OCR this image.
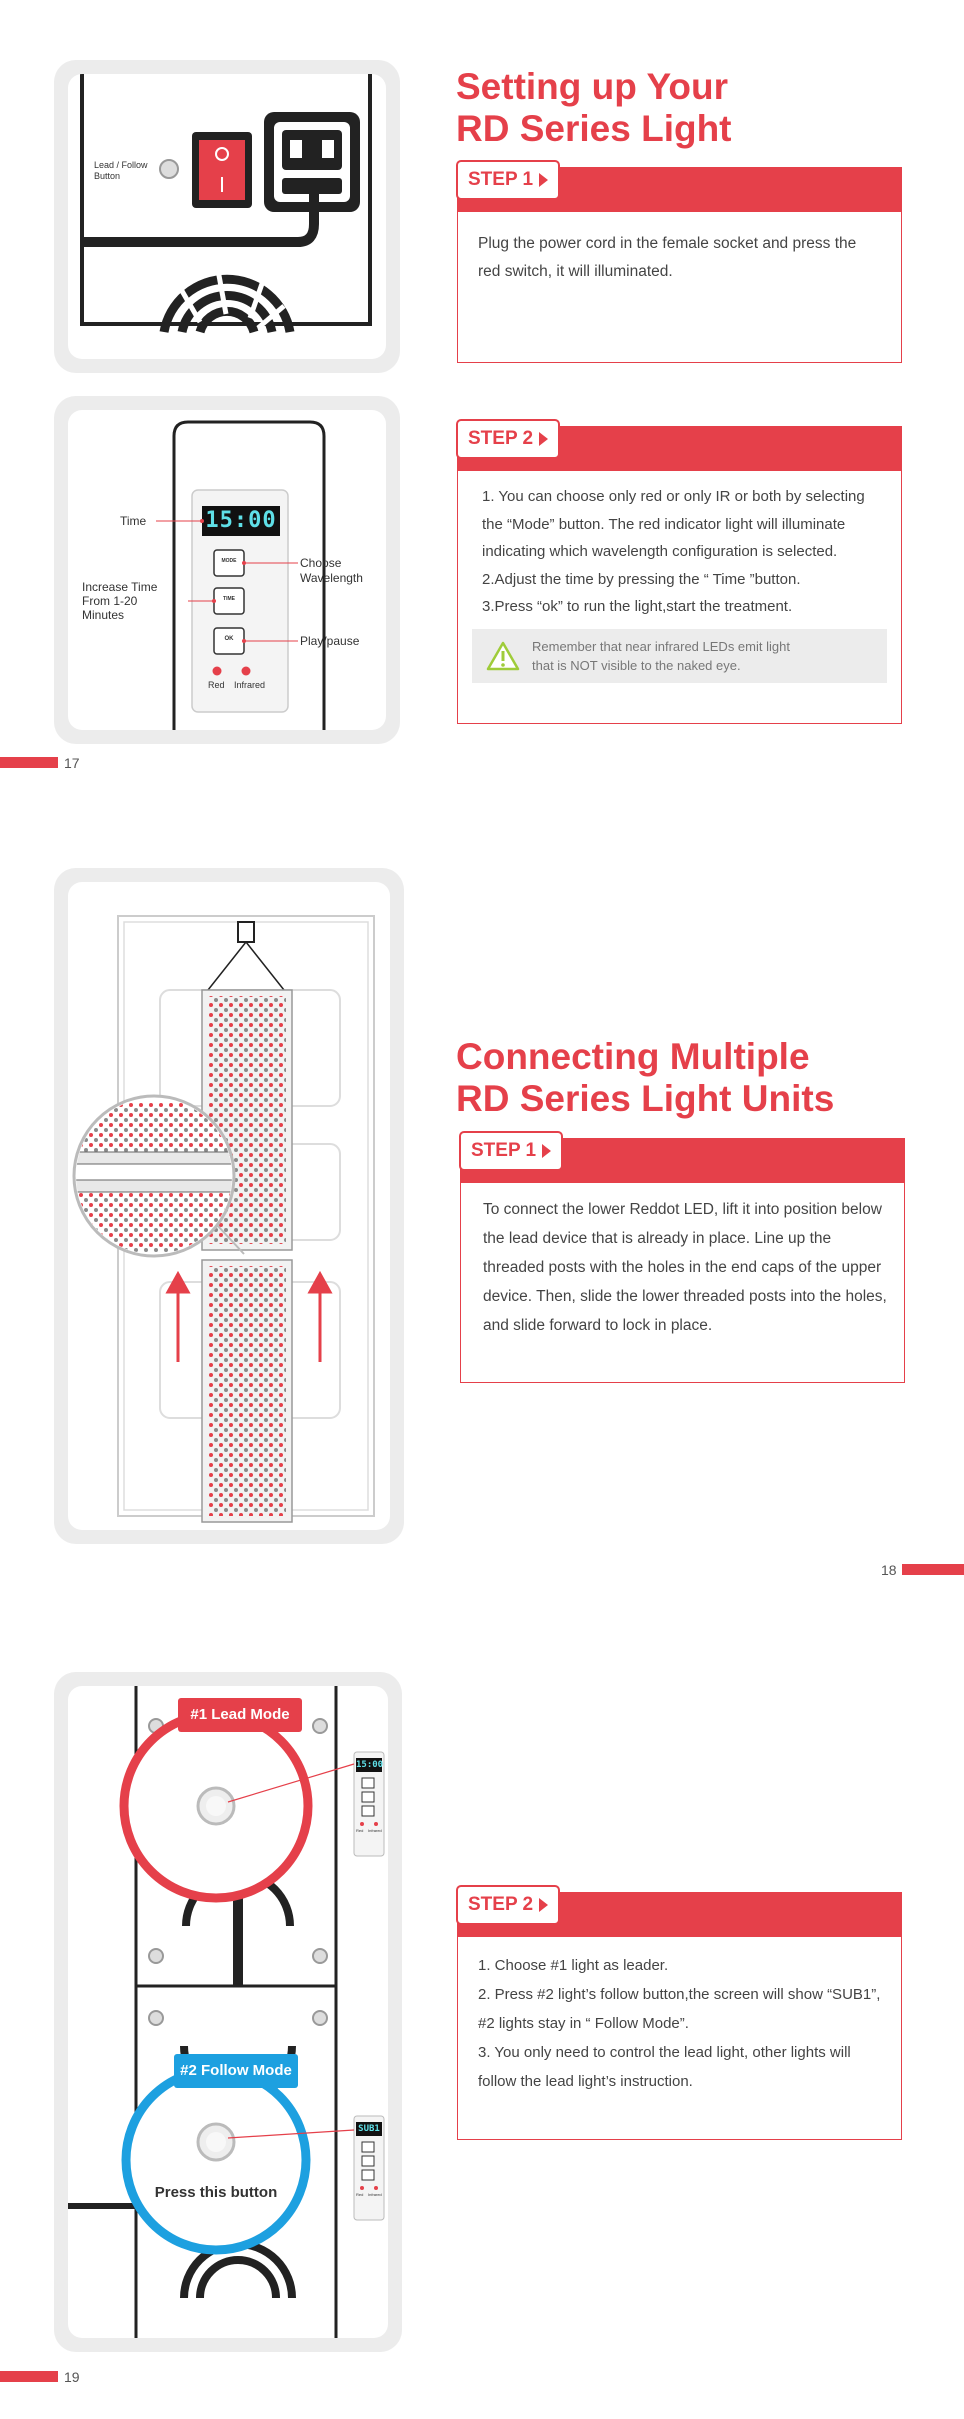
Lead / Follow
Button
Setting up Your
RD Series Light
STEP 1

Plug the power cord in the female socket and press the red switch, it will illuminated.

15:00
MODE
TIME
OK
Red Infrared
Time
Increase Time
From 1-20
Minutes
Choose
Wavelength
Play/pause
STEP 2

1. You can choose only red or only IR or both by selecting the “Mode” button. The red indicator light will illuminate indicating which wavelength configuration is selected.

2.Adjust the time by pressing the “ Time ”button.

3.Press “ok” to run the light,start the treatment.

Remember that near infrared LEDs emit light
that is NOT visible to the naked eye.
17
Connecting Multiple
RD Series Light Units
STEP 1

To connect the lower Reddot LED, lift it into position below the lead device that is already in place. Line up the threaded posts with the holes in the end caps of the upper device. Then, slide the lower threaded posts into the holes, and slide forward to lock in place.

18
#1 Lead Mode
#2 Follow Mode
Press this button
15:00
SUB1
Red Infrared
Red Infrared
STEP 2

1. Choose #1 light as leader.

2. Press #2 light’s follow button,the screen will show “SUB1”, #2 lights stay in “ Follow Mode”.

3. You only need to control the lead light, other lights will follow the lead light’s instruction.

19
